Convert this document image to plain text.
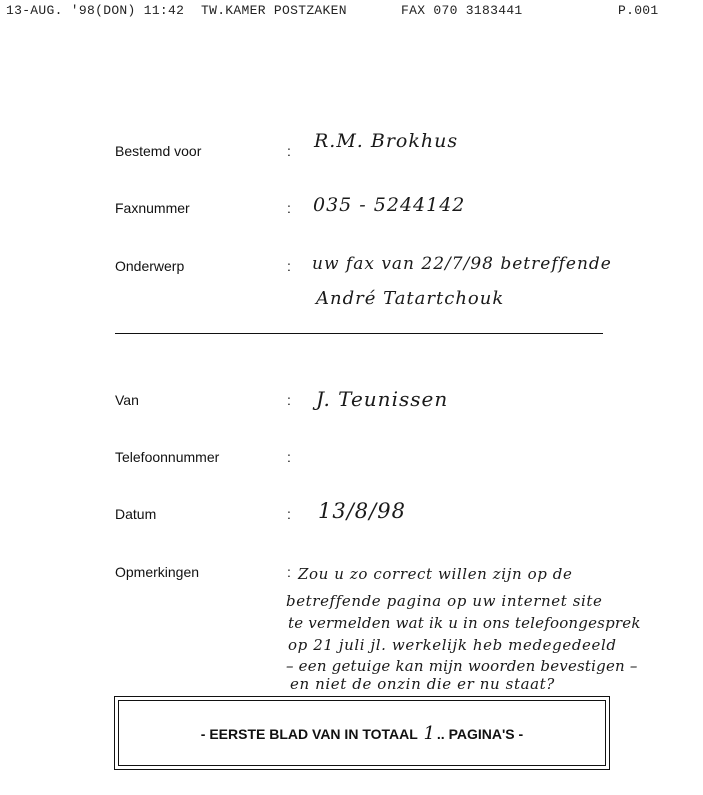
13-AUG. '98(DON) 11:42 TW.KAMER POSTZAKEN	FAX 070 3183441	P.001
Bestemd voor	: R.M. Brokhus
Faxnummer	: 035 - 5244142
Onderwerp	: uw fax van 22/7/98 betreffende
André Tatartchouk
Van	: J. Teunissen
Telefoonnummer	:
Datum	: 13/8/98
Opmerkingen	: Zou u zo correct willen zijn op de
betreffende pagina op uw internet site
te vermelden wat ik u in ons telefoongesprek
op 21 juli jl. werkelijk heb medegedeeld
– een getuige kan mijn woorden bevestigen –
en niet de onzin die er nu staat?
- EERSTE BLAD VAN IN TOTAAL 1 .. PAGINA'S -
